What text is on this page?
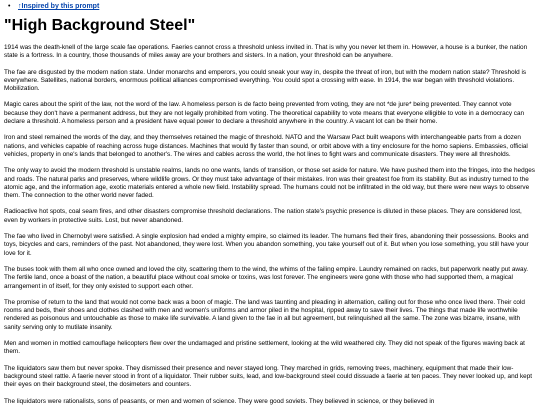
• ↑Inspired by this prompt
"High Background Steel"

1914 was the death-knell of the large scale fae operations. Faeries cannot cross a threshold unless invited in. That is why you never let them in. However, a house is a bunker, the nation state is a fortress. In a country, those thousands of miles away are your brothers and sisters. In a nation, your threshold can be anywhere.

The fae are disgusted by the modern nation state. Under monarchs and emperors, you could sneak your way in, despite the threat of iron, but with the modern nation state? Threshold is everywhere. Satellites, national borders, enormous political alliances compromised everything. You could spot a crossing with ease. In 1914, the war began with threshold violations. Mobilization.

Magic cares about the spirit of the law, not the word of the law. A homeless person is de facto being prevented from voting, they are not *de jure* being prevented. They cannot vote because they don't have a permanent address, but they are not legally prohibited from voting. The theoretical capability to vote means that everyone elligible to vote in a democracy can declare a threshold. A homeless person and a president have equal power to declare a threshold anywhere in the country. A vacant lot can be their home.

Iron and steel remained the words of the day, and they themselves retained the magic of threshold. NATO and the Warsaw Pact built weapons with interchangeable parts from a dozen nations, and vehicles capable of reaching across huge distances. Machines that would fly faster than sound, or orbit above with a tiny enclosure for the homo sapiens. Embassies, official vehicles, property in one's lands that belonged to another's. The wires and cables across the world, the hot lines to fight wars and communicate disasters. They were all thresholds.

The only way to avoid the modern threshold is unstable realms, lands no one wants, lands of transition, or those set aside for nature. We have pushed them into the fringes, into the hedges and roads. The natural parks and preserves, where wildlife grows. Or they must take advantage of their mistakes. Iron was their greatest foe from its stability. But as industry turned to the atomic age, and the information age, exotic materials entered a whole new field. Instability spread. The humans could not be infiltrated in the old way, but there were new ways to observe them. The connection to the other world never faded.

Radioactive hot spots, coal seam fires, and other disasters compromise threshold declarations. The nation state's psychic presence is diluted in these places. They are considered lost, even by workers in protective suits. Lost, but never abandoned.

The fae who lived in Chernobyl were satisfied. A single explosion had ended a mighty empire, so claimed its leader. The humans fled their fires, abandoning their possessions. Books and toys, bicycles and cars, reminders of the past. Not abandoned, they were lost. When you abandon something, you take yourself out of it. But when you lose something, you still have your love for it.

The buses took with them all who once owned and loved the city, scattering them to the wind, the whims of the failing empire. Laundry remained on racks, but paperwork neatly put away. The fertile land, once a boast of the nation, a beautiful place without coal smoke or toxins, was lost forever. The engineers were gone with those who had supported them, a magical arrangement in of itself, for they only existed to support each other.

The promise of return to the land that would not come back was a boon of magic. The land was taunting and pleading in alternation, calling out for those who once lived there. Their cold rooms and beds, their shoes and clothes clashed with men and women's uniforms and armor piled in the hospital, ripped away to save their lives. The things that made life worthwhile rendered as poisonous and untouchable as those to make life survivable. A land given to the fae in all but agreement, but relinquished all the same. The zone was bizarre, insane, with sanity serving only to mutilate insanity.

Men and women in mottled camouflage helicopters flew over the undamaged and pristine settlement, looking at the wild weathered city. They did not speak of the figures waving back at them.

The liquidators saw them but never spoke. They dismissed their presence and never stayed long. They marched in grids, removing trees, machinery, equipment that made their low-background steel rattle. A faerie never stood in front of a liquidator. Their rubber suits, lead, and low-background steel could dissuade a faerie at ten paces. They never looked up, and kept their eyes on their background steel, the dosimeters and counters.

The liquidators were rationalists, sons of peasants, or men and women of science. They were good soviets. They believed in science, or they believed in
